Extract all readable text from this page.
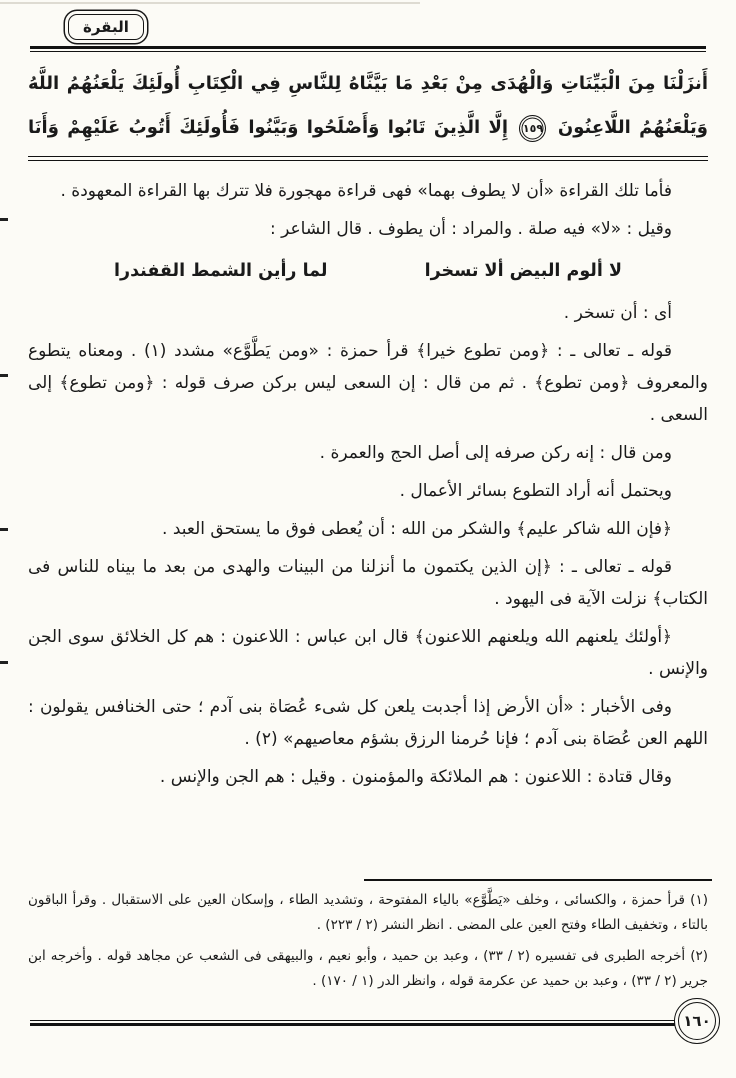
البقرة
أَنزَلْنَا مِنَ الْبَيِّنَاتِ وَالْهُدَى مِنْ بَعْدِ مَا بَيَّنَّاهُ لِلنَّاسِ فِي الْكِتَابِ أُولَئِكَ يَلْعَنُهُمُ اللَّهُ وَيَلْعَنُهُمُ اللَّاعِنُونَ ١٥٩ إِلَّا الَّذِينَ تَابُوا وَأَصْلَحُوا وَبَيَّنُوا فَأُولَئِكَ أَتُوبُ عَلَيْهِمْ وَأَنَا

فأما تلك القراءة «أن لا يطوف بهما» فهى قراءة مهجورة فلا تترك بها القراءة المعهودة .

وقيل : «لا» فيه صلة . والمراد : أن يطوف . قال الشاعر :

لا ألوم البيض ألا تسخرا
لما رأين الشمط القفندرا

أى : أن تسخر .

قوله ـ تعالى ـ : ﴿ومن تطوع خيرا﴾ قرأ حمزة : «ومن يَطَّوَّع» مشدد (١) . ومعناه يتطوع والمعروف ﴿ومن تطوع﴾ . ثم من قال : إن السعى ليس بركن صرف قوله : ﴿ومن تطوع﴾ إلى السعى .

ومن قال : إنه ركن صرفه إلى أصل الحج والعمرة .

ويحتمل أنه أراد التطوع بسائر الأعمال .

﴿فإن الله شاكر عليم﴾ والشكر من الله : أن يُعطى فوق ما يستحق العبد .

قوله ـ تعالى ـ : ﴿إن الذين يكتمون ما أنزلنا من البينات والهدى من بعد ما بيناه للناس فى الكتاب﴾ نزلت الآية فى اليهود .

﴿أولئك يلعنهم الله ويلعنهم اللاعنون﴾ قال ابن عباس : اللاعنون : هم كل الخلائق سوى الجن والإنس .

وفى الأخبار : «أن الأرض إذا أجدبت يلعن كل شىء عُصَاة بنى آدم ؛ حتى الخنافس يقولون : اللهم العن عُصَاة بنى آدم ؛ فإنا حُرمنا الرزق بشؤم معاصيهم» (٢) .

وقال قتادة : اللاعنون : هم الملائكة والمؤمنون . وقيل : هم الجن والإنس .

(١) قرأ حمزة ، والكسائى ، وخلف «يَطَّوَّع» بالياء المفتوحة ، وتشديد الطاء ، وإسكان العين على الاستقبال . وقرأ الباقون بالتاء ، وتخفيف الطاء وفتح العين على المضى . انظر النشر (٢ / ٢٢٣) .

(٢) أخرجه الطبرى فى تفسيره (٢ / ٣٣) ، وعبد بن حميد ، وأبو نعيم ، والبيهقى فى الشعب عن مجاهد قوله . وأخرجه ابن جرير (٢ / ٣٣) ، وعبد بن حميد عن عكرمة قوله ، وانظر الدر (١ / ١٧٠) .

١٦٠
